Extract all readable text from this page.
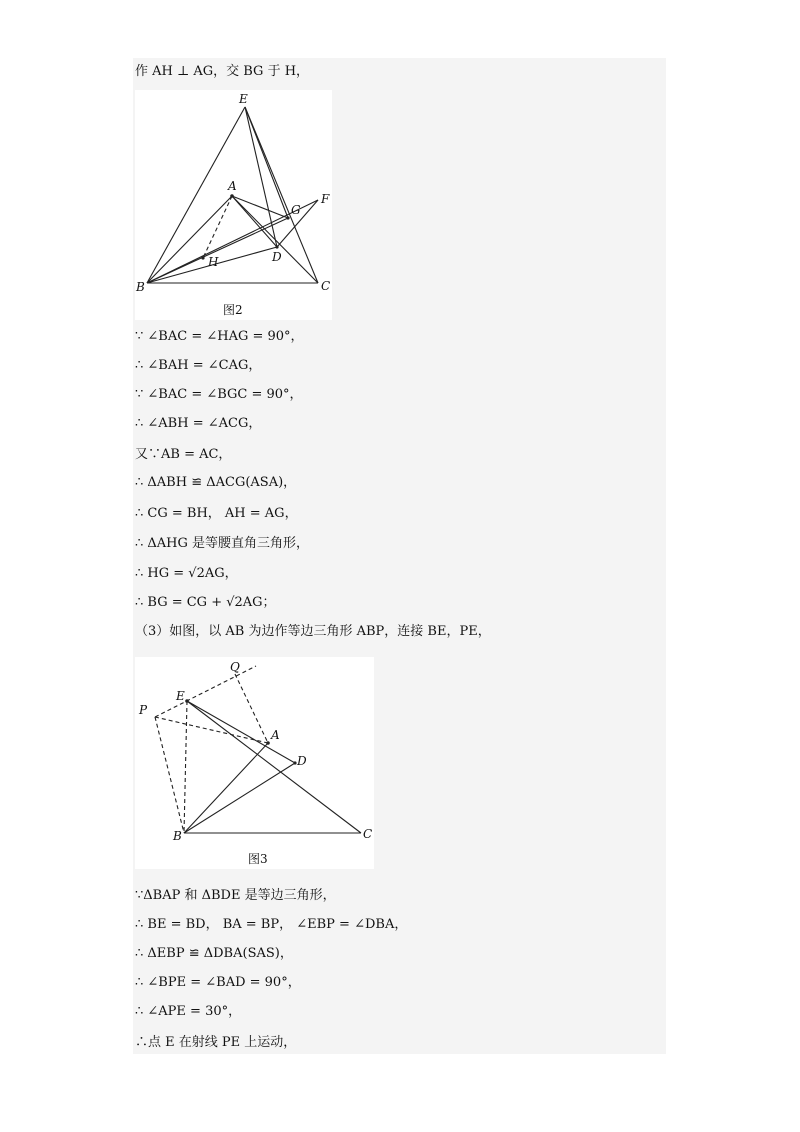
作 AH ⊥ AG，交 BG 于 H，
E
A
G
F
H	D
B	C
图2
∵ ∠BAC = ∠HAG = 90°，
∴ ∠BAH = ∠CAG，
∵ ∠BAC = ∠BGC = 90°，
∴ ∠ABH = ∠ACG，
又∵AB = AC，
∴ ΔABH ≌ ΔACG(ASA)，
∴ CG = BH， AH = AG，
∴ ΔAHG 是等腰直角三角形，
∴ HG = √2AG，
∴ BG = CG + √2AG；
（3）如图，以 AB 为边作等边三角形 ABP，连接 BE，PE，
Q
E
P
A
D
B	C
图3
∵ΔBAP 和 ΔBDE 是等边三角形，
∴ BE = BD， BA = BP， ∠EBP = ∠DBA，
∴ ΔEBP ≌ ΔDBA(SAS)，
∴ ∠BPE = ∠BAD = 90°，
∴ ∠APE = 30°，
∴点 E 在射线 PE 上运动，
